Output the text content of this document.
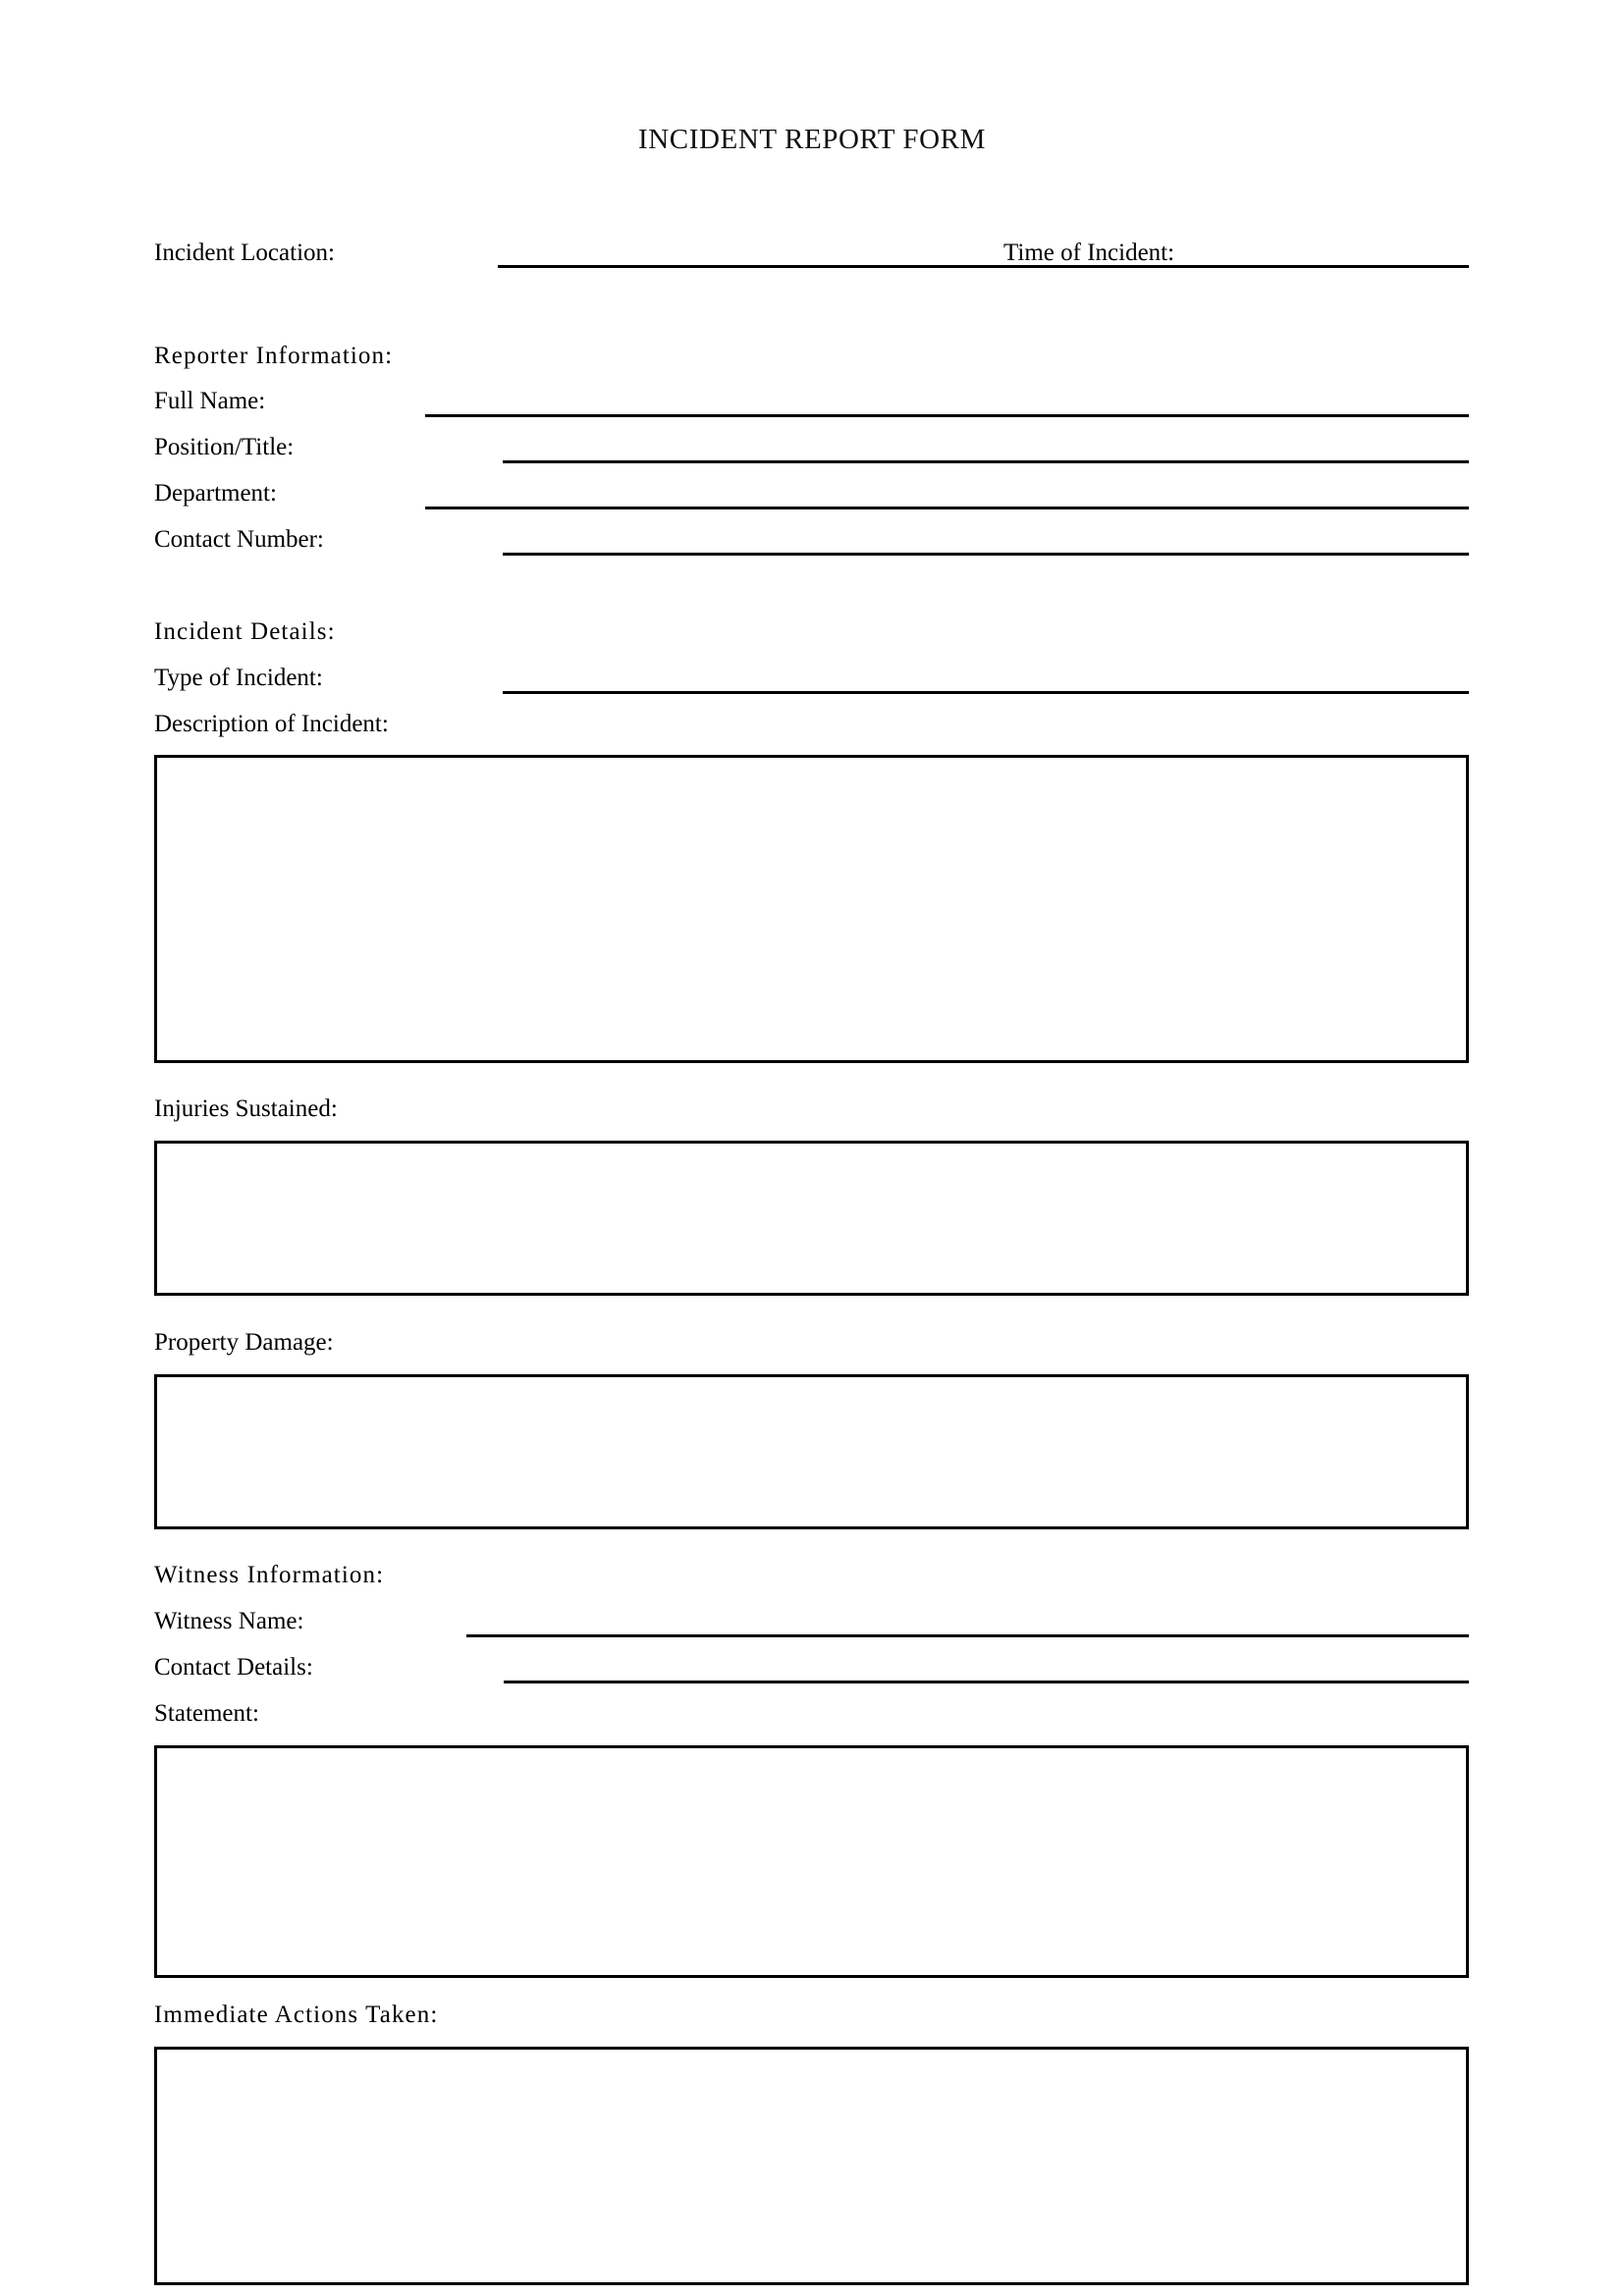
INCIDENT REPORT FORM
Incident Location:	Time of Incident:
Reporter Information:
Full Name:
Position/Title:
Department:
Contact Number:
Incident Details:
Type of Incident:
Description of Incident:
Injuries Sustained:
Property Damage:
Witness Information:
Witness Name:
Contact Details:
Statement:
Immediate Actions Taken:
